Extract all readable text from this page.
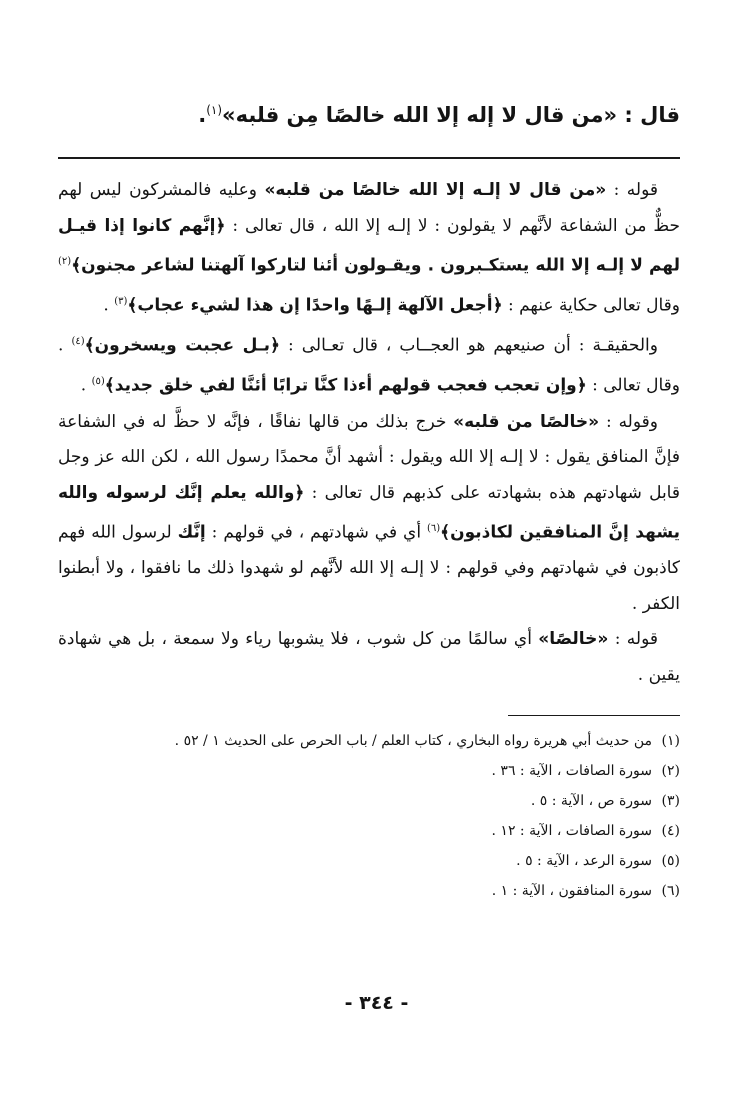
قال : «من قال لا إله إلا الله خالصًا مِن قلبه»$^{(١)}$.

قوله : «من قال لا إلـه إلا الله خالصًا من قلبه» وعليه فالمشركون ليس لهم حظٌّ من الشفاعة لأنَّهم لا يقولون : لا إلـه إلا الله ، قال تعالى : ﴿إنَّهم كانوا إذا قيـل لهم لا إلـه إلا الله يستكـبرون . ويقـولون أئنا لتاركوا آلهتنا لشاعر مجنون﴾$^{(٢)}$ وقال تعالى حكاية عنهم : ﴿أجعل الآلهة إلـهًا واحدًا إن هذا لشيء عجاب﴾$^{(٣)}$ .

والحقيقـة : أن صنيعهم هو العجــاب ، قال تعـالى : ﴿بـل عجبت ويسخرون﴾$^{(٤)}$ . وقال تعالى : ﴿وإن تعجب فعجب قولهم أءذا كنَّا ترابًا أئنَّا لفي خلق جديد﴾$^{(٥)}$ .

وقوله : «خالصًا من قلبه» خرج بذلك من قالها نفاقًا ، فإنَّه لا حظَّ له في الشفاعة فإنَّ المنافق يقول : لا إلـه إلا الله ويقول : أشهد أنَّ محمدًا رسول الله ، لكن الله عز وجل قابل شهادتهم هذه بشهادته على كذبهم قال تعالى : ﴿والله يعلم إنَّك لرسوله والله يشهد إنَّ المنافقين لكاذبون﴾$^{(٦)}$ أي في شهادتهم ، في قولهم : إنَّك لرسول الله فهم كاذبون في شهادتهم وفي قولهم : لا إلـه إلا الله لأنَّهم لو شهدوا ذلك ما نافقوا ، ولا أبطنوا الكفر .

قوله : «خالصًا» أي سالمًا من كل شوب ، فلا يشوبها رياء ولا سمعة ، بل هي شهادة يقين .

(١)
من حديث أبي هريرة رواه البخاري ، كتاب العلم / باب الحرص على الحديث ١ / ٥٢ .
(٢)
سورة الصافات ، الآية : ٣٦ .
(٣)
سورة ص ، الآية : ٥ .
(٤)
سورة الصافات ، الآية : ١٢ .
(٥)
سورة الرعد ، الآية : ٥ .
(٦)
سورة المنافقون ، الآية : ١ .
- ٣٤٤ -
